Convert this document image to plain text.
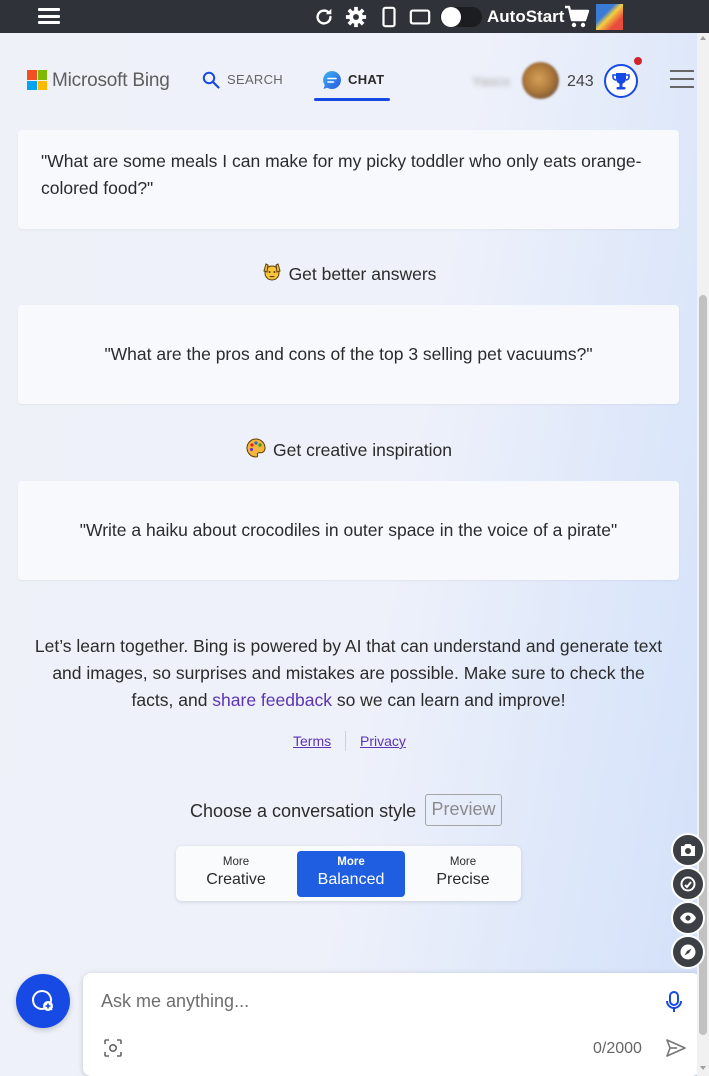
AutoStart
Microsoft Bing	SEARCH	CHAT	Yasco	243
"What are some meals I can make for my picky toddler who only eats orange-colored food?"
Get better answers
"What are the pros and cons of the top 3 selling pet vacuums?"
Get creative inspiration
"Write a haiku about crocodiles in outer space in the voice of a pirate"
Let’s learn together. Bing is powered by AI that can understand and generate text and images, so surprises and mistakes are possible. Make sure to check the facts, and share feedback so we can learn and improve!
Terms Privacy
Choose a conversation style Preview
More
Creative
More
Balanced
More
Precise
Ask me anything...
0/2000
